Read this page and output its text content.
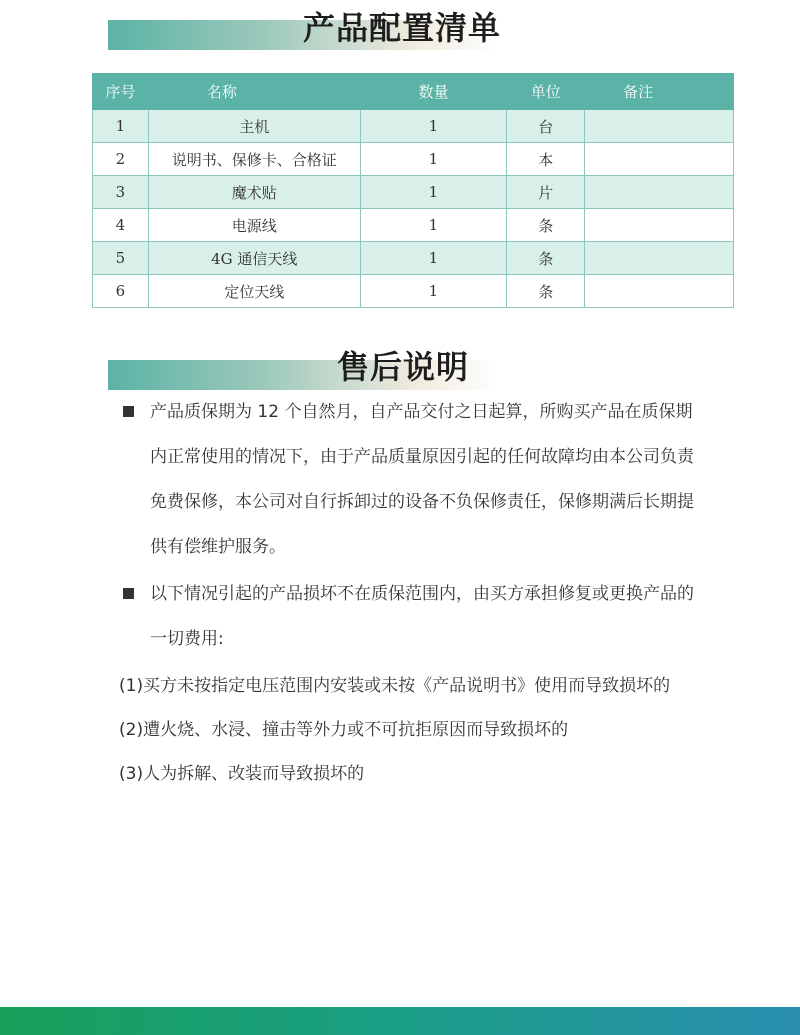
产品配置清单
序号	名称	数量	单位	备注
1	主机	1	台	
2	说明书、保修卡、合格证	1	本	
3	魔术贴	1	片	
4	电源线	1	条	
5	4G 通信天线	1	条	
6	定位天线	1	条	
售后说明
产品质保期为 12 个自然月，自产品交付之日起算，所购买产品在质保期内正常使用的情况下，由于产品质量原因引起的任何故障均由本公司负责免费保修，本公司对自行拆卸过的设备不负保修责任，保修期满后长期提供有偿维护服务。
以下情况引起的产品损坏不在质保范围内，由买方承担修复或更换产品的一切费用:
(1)买方未按指定电压范围内安装或未按《产品说明书》使用而导致损坏的
(2)遭火烧、水浸、撞击等外力或不可抗拒原因而导致损坏的
(3)人为拆解、改装而导致损坏的
